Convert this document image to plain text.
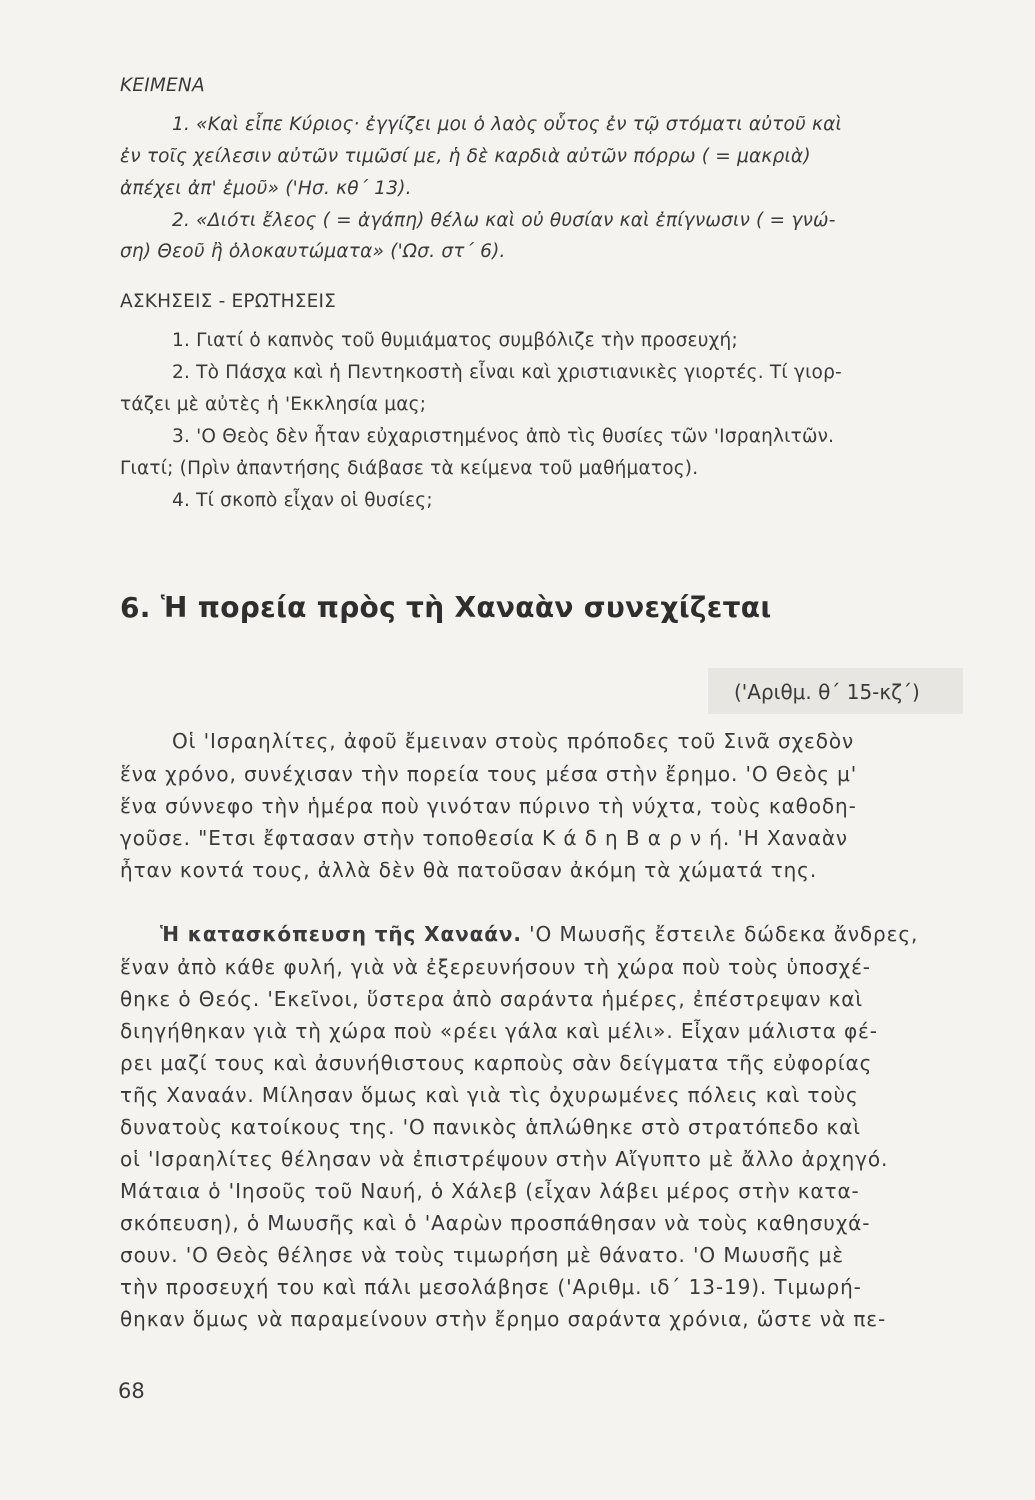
ΚΕΙΜΕΝΑ

1. «Καὶ εἶπε Κύριος· ἐγγίζει μοι ὁ λαὸς οὗτος ἐν τῷ στόματι αὐτοῦ καὶ

ἐν τοῖς χείλεσιν αὐτῶν τιμῶσί με, ἡ δὲ καρδιὰ αὐτῶν πόρρω ( = μακριὰ)

ἀπέχει ἀπ' ἐμοῦ» ('Ησ. κθ΄ 13).

2. «Διότι ἔλεος ( = ἀγάπη) θέλω καὶ οὐ θυσίαν καὶ ἐπίγνωσιν ( = γνώ-

ση) Θεοῦ ἢ ὁλοκαυτώματα» ('Ωσ. στ΄ 6).

ΑΣΚΗΣΕΙΣ - ΕΡΩΤΗΣΕΙΣ

1. Γιατί ὁ καπνὸς τοῦ θυμιάματος συμβόλιζε τὴν προσευχή;

2. Τὸ Πάσχα καὶ ἡ Πεντηκοστὴ εἶναι καὶ χριστιανικὲς γιορτές. Τί γιορ-

τάζει μὲ αὐτὲς ἡ 'Εκκλησία μας;

3. 'Ο Θεὸς δὲν ἦταν εὐχαριστημένος ἀπὸ τὶς θυσίες τῶν 'Ισραηλιτῶν.

Γιατί; (Πρὶν ἀπαντήσης διάβασε τὰ κείμενα τοῦ μαθήματος).

4. Τί σκοπὸ εἶχαν οἱ θυσίες;

6. Ἡ πορεία πρὸς τὴ Χαναὰν συνεχίζεται

('Αριθμ. θ΄ 15-κζ΄)

Οἱ 'Ισραηλίτες, ἀφοῦ ἔμειναν στοὺς πρόποδες τοῦ Σινᾶ σχεδὸν

ἕνα χρόνο, συνέχισαν τὴν πορεία τους μέσα στὴν ἔρημο. 'Ο Θεὸς μ'

ἕνα σύννεφο τὴν ἡμέρα ποὺ γινόταν πύρινο τὴ νύχτα, τοὺς καθοδη-

γοῦσε. "Ετσι ἔφτασαν στὴν τοποθεσία Κ ά δ η Β α ρ ν ή. 'Η Χαναὰν

ἦταν κοντά τους, ἀλλὰ δὲν θὰ πατοῦσαν ἀκόμη τὰ χώματά της.

Ἡ κατασκόπευση τῆς Χαναάν. 'Ο Μωυσῆς ἔστειλε δώδεκα ἄνδρες,

ἕναν ἀπὸ κάθε φυλή, γιὰ νὰ ἐξερευνήσουν τὴ χώρα ποὺ τοὺς ὑποσχέ-

θηκε ὁ Θεός. 'Εκεῖνοι, ὕστερα ἀπὸ σαράντα ἡμέρες, ἐπέστρεψαν καὶ

διηγήθηκαν γιὰ τὴ χώρα ποὺ «ρέει γάλα καὶ μέλι». Εἶχαν μάλιστα φέ-

ρει μαζί τους καὶ ἀσυνήθιστους καρποὺς σὰν δείγματα τῆς εὐφορίας

τῆς Χαναάν. Μίλησαν ὅμως καὶ γιὰ τὶς ὀχυρωμένες πόλεις καὶ τοὺς

δυνατοὺς κατοίκους της. 'Ο πανικὸς ἁπλώθηκε στὸ στρατόπεδο καὶ

οἱ 'Ισραηλίτες θέλησαν νὰ ἐπιστρέψουν στὴν Αἴγυπτο μὲ ἄλλο ἀρχηγό.

Μάταια ὁ 'Ιησοῦς τοῦ Ναυή, ὁ Χάλεβ (εἶχαν λάβει μέρος στὴν κατα-

σκόπευση), ὁ Μωυσῆς καὶ ὁ 'Ααρὼν προσπάθησαν νὰ τοὺς καθησυχά-

σουν. 'Ο Θεὸς θέλησε νὰ τοὺς τιμωρήση μὲ θάνατο. 'Ο Μωυσῆς μὲ

τὴν προσευχή του καὶ πάλι μεσολάβησε ('Αριθμ. ιδ΄ 13-19). Τιμωρή-

θηκαν ὅμως νὰ παραμείνουν στὴν ἔρημο σαράντα χρόνια, ὥστε νὰ πε-

68
